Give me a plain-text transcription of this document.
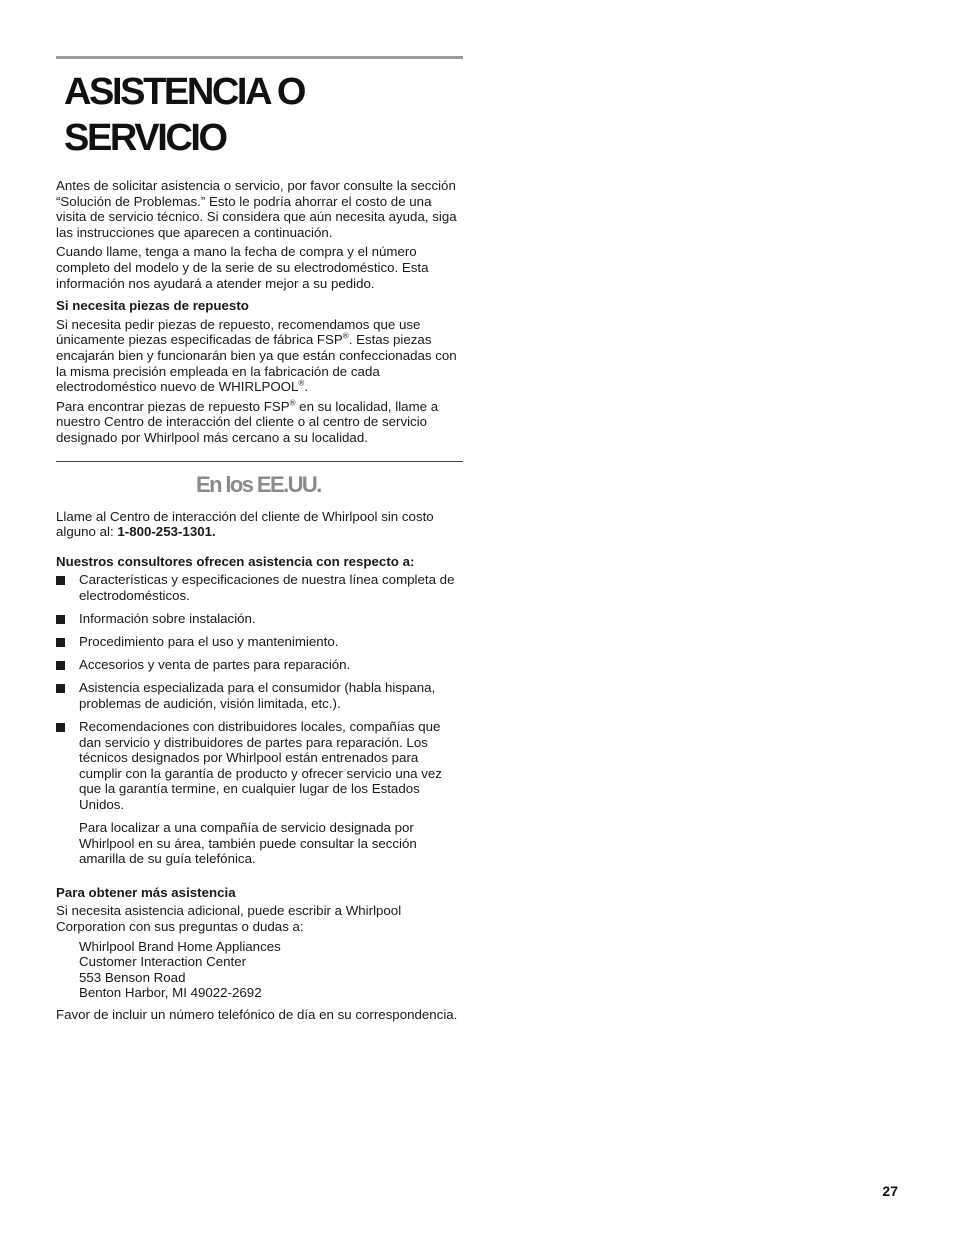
ASISTENCIA O SERVICIO

Antes de solicitar asistencia o servicio, por favor consulte la sección “Solución de Problemas.” Esto le podría ahorrar el costo de una visita de servicio técnico. Si considera que aún necesita ayuda, siga las instrucciones que aparecen a continuación.

Cuando llame, tenga a mano la fecha de compra y el número completo del modelo y de la serie de su electrodoméstico. Esta información nos ayudará a atender mejor a su pedido.

Si necesita piezas de repuesto

Si necesita pedir piezas de repuesto, recomendamos que use únicamente piezas especificadas de fábrica FSP®. Estas piezas encajarán bien y funcionarán bien ya que están confeccionadas con la misma precisión empleada en la fabricación de cada electrodoméstico nuevo de WHIRLPOOL®.

Para encontrar piezas de repuesto FSP® en su localidad, llame a nuestro Centro de interacción del cliente o al centro de servicio designado por Whirlpool más cercano a su localidad.

En los EE.UU.

Llame al Centro de interacción del cliente de Whirlpool sin costo alguno al: 1-800-253-1301.

Nuestros consultores ofrecen asistencia con respecto a:
Características y especificaciones de nuestra línea completa de electrodomésticos.
Información sobre instalación.
Procedimiento para el uso y mantenimiento.
Accesorios y venta de partes para reparación.
Asistencia especializada para el consumidor (habla hispana, problemas de audición, visión limitada, etc.).
Recomendaciones con distribuidores locales, compañías que dan servicio y distribuidores de partes para reparación. Los técnicos designados por Whirlpool están entrenados para cumplir con la garantía de producto y ofrecer servicio una vez que la garantía termine, en cualquier lugar de los Estados Unidos.

Para localizar a una compañía de servicio designada por Whirlpool en su área, también puede consultar la sección amarilla de su guía telefónica.

Para obtener más asistencia

Si necesita asistencia adicional, puede escribir a Whirlpool Corporation con sus preguntas o dudas a:

Whirlpool Brand Home Appliances
Customer Interaction Center
553 Benson Road
Benton Harbor, MI 49022-2692

Favor de incluir un número telefónico de día en su correspondencia.

27
